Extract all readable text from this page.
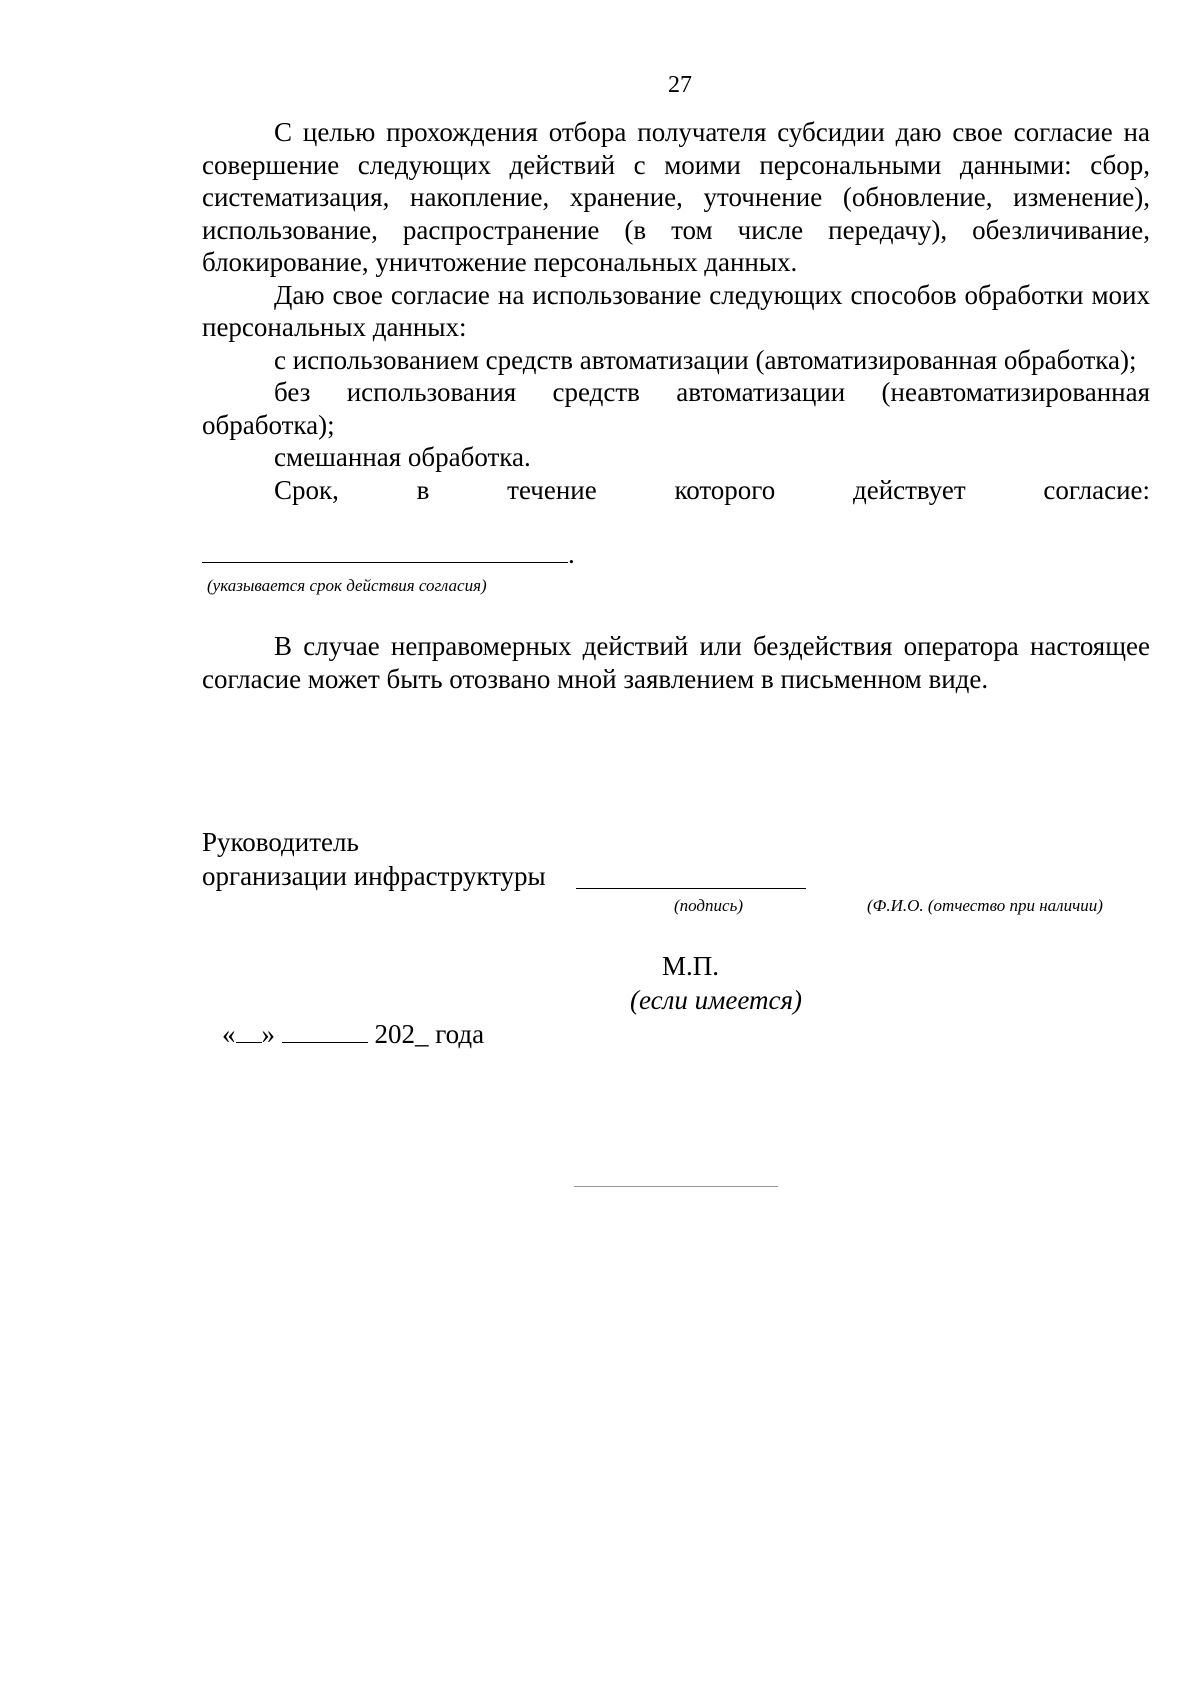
27

С целью прохождения отбора получателя субсидии даю свое согласие на совершение следующих действий с моими персональными данными: сбор, систематизация, накопление, хранение, уточнение (обновление, изменение), использование, распространение (в том числе передачу), обезличивание, блокирование, уничтожение персональных данных.

Даю свое согласие на использование следующих способов обработки моих персональных данных:

с использованием средств автоматизации (автоматизированная обработка);

без использования средств автоматизации (неавтоматизированная обработка);

смешанная обработка.

Срок, в течение которого действует согласие:

.
(указывается срок действия согласия)

В случае неправомерных действий или бездействия оператора настоящее согласие может быть отозвано мной заявлением в письменном виде.

Руководитель
организации инфраструктуры
(подпись)	(Ф.И.О. (отчество при наличии)
М.П.
(если имеется)
« »	202_ года
